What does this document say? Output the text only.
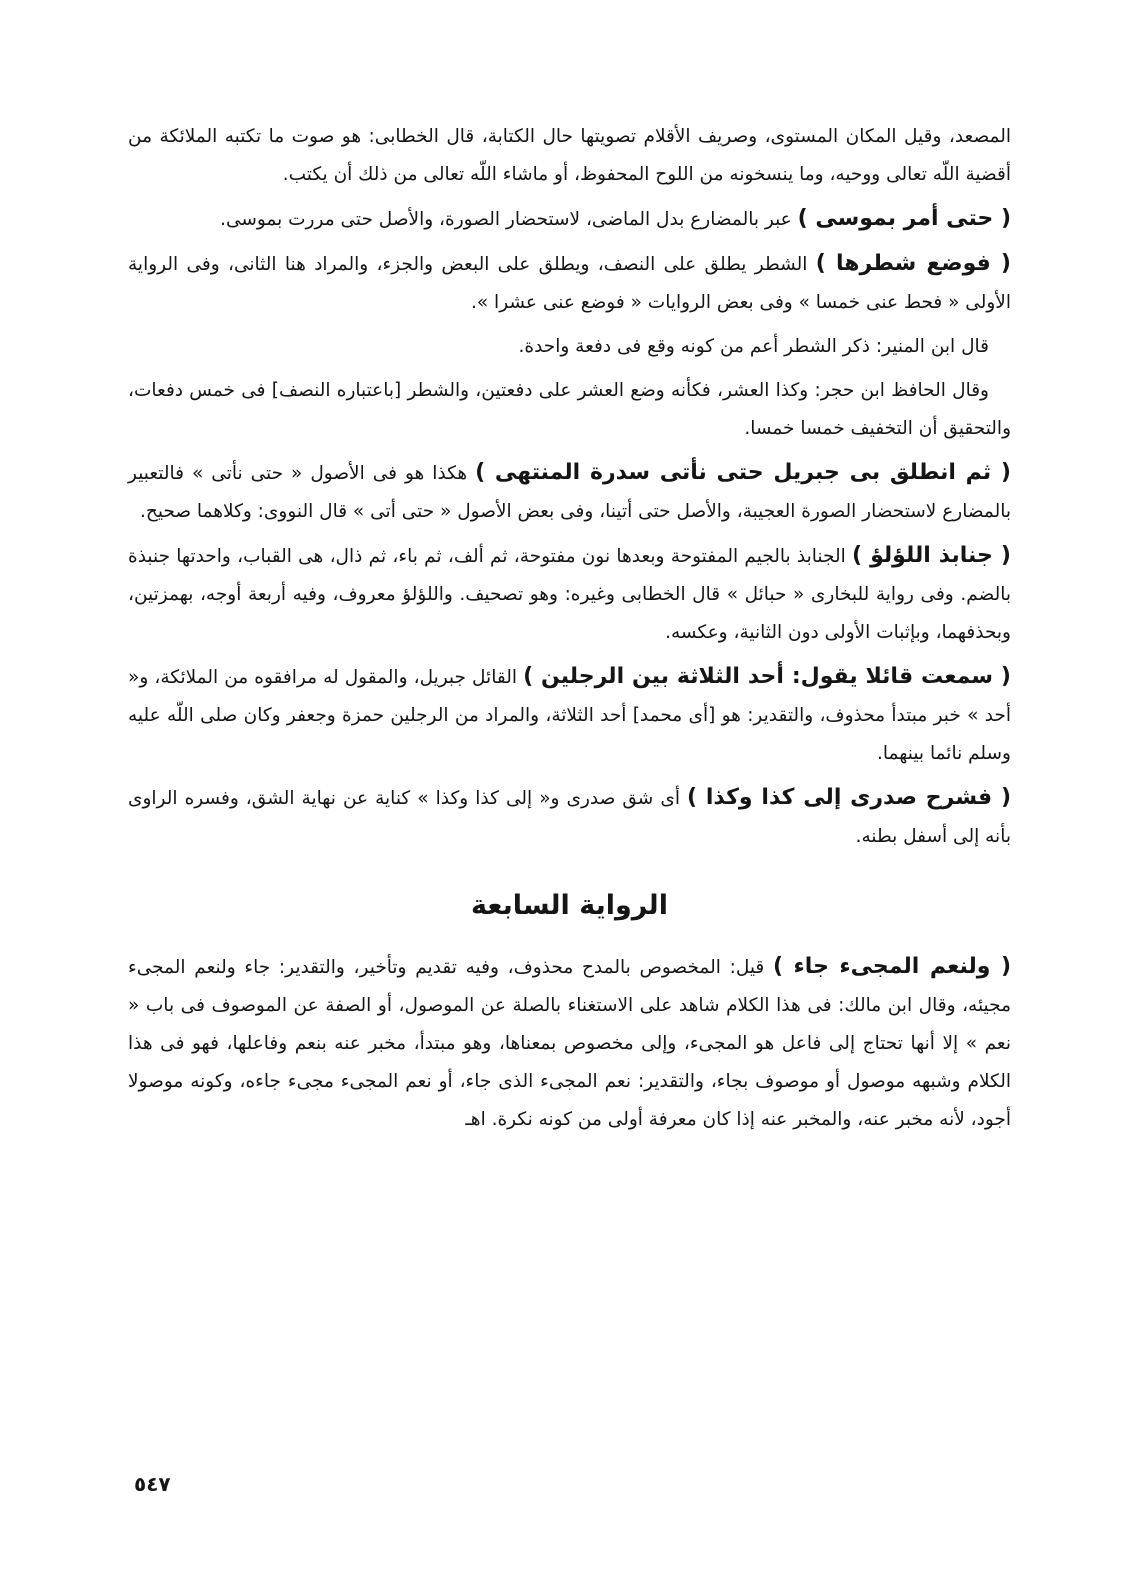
المصعد، وقيل المكان المستوى، وصريف الأقلام تصويتها حال الكتابة، قال الخطابى: هو صوت ما تكتبه الملائكة من أقضية اللّه تعالى ووحيه، وما ينسخونه من اللوح المحفوظ، أو ماشاء اللّه تعالى من ذلك أن يكتب.

( حتى أمر بموسى ) عبر بالمضارع بدل الماضى، لاستحضار الصورة، والأصل حتى مررت بموسى.

( فوضع شطرها ) الشطر يطلق على النصف، ويطلق على البعض والجزء، والمراد هنا الثانى، وفى الرواية الأولى « فحط عنى خمسا » وفى بعض الروايات « فوضع عنى عشرا ».

قال ابن المنير: ذكر الشطر أعم من كونه وقع فى دفعة واحدة.

وقال الحافظ ابن حجر: وكذا العشر، فكأنه وضع العشر على دفعتين، والشطر [باعتباره النصف] فى خمس دفعات، والتحقيق أن التخفيف خمسا خمسا.

( ثم انطلق بى جبريل حتى نأتى سدرة المنتهى ) هكذا هو فى الأصول « حتى نأتى » فالتعبير بالمضارع لاستحضار الصورة العجيبة، والأصل حتى أتينا، وفى بعض الأصول « حتى أتى » قال النووى: وكلاهما صحيح.

( جنابذ اللؤلؤ ) الجنابذ بالجيم المفتوحة وبعدها نون مفتوحة، ثم ألف، ثم باء، ثم ذال، هى القباب، واحدتها جنبذة بالضم. وفى رواية للبخارى « حبائل » قال الخطابى وغيره: وهو تصحيف. واللؤلؤ معروف، وفيه أربعة أوجه، بهمزتين، وبحذفهما، وبإثبات الأولى دون الثانية، وعكسه.

( سمعت قائلا يقول: أحد الثلاثة بين الرجلين ) القائل جبريل، والمقول له مرافقوه من الملائكة، و« أحد » خبر مبتدأ محذوف، والتقدير: هو [أى محمد] أحد الثلاثة، والمراد من الرجلين حمزة وجعفر وكان صلى اللّه عليه وسلم نائما بينهما.

( فشرح صدرى إلى كذا وكذا ) أى شق صدرى و« إلى كذا وكذا » كناية عن نهاية الشق، وفسره الراوى بأنه إلى أسفل بطنه.

الرواية السابعة

( ولنعم المجىء جاء ) قيل: المخصوص بالمدح محذوف، وفيه تقديم وتأخير، والتقدير: جاء ولنعم المجىء مجيئه، وقال ابن مالك: فى هذا الكلام شاهد على الاستغناء بالصلة عن الموصول، أو الصفة عن الموصوف فى باب « نعم » إلا أنها تحتاج إلى فاعل هو المجىء، وإلى مخصوص بمعناها، وهو مبتدأ، مخبر عنه بنعم وفاعلها، فهو فى هذا الكلام وشبهه موصول أو موصوف بجاء، والتقدير: نعم المجىء الذى جاء، أو نعم المجىء مجىء جاءه، وكونه موصولا أجود، لأنه مخبر عنه، والمخبر عنه إذا كان معرفة أولى من كونه نكرة. اهـ

٥٤٧
